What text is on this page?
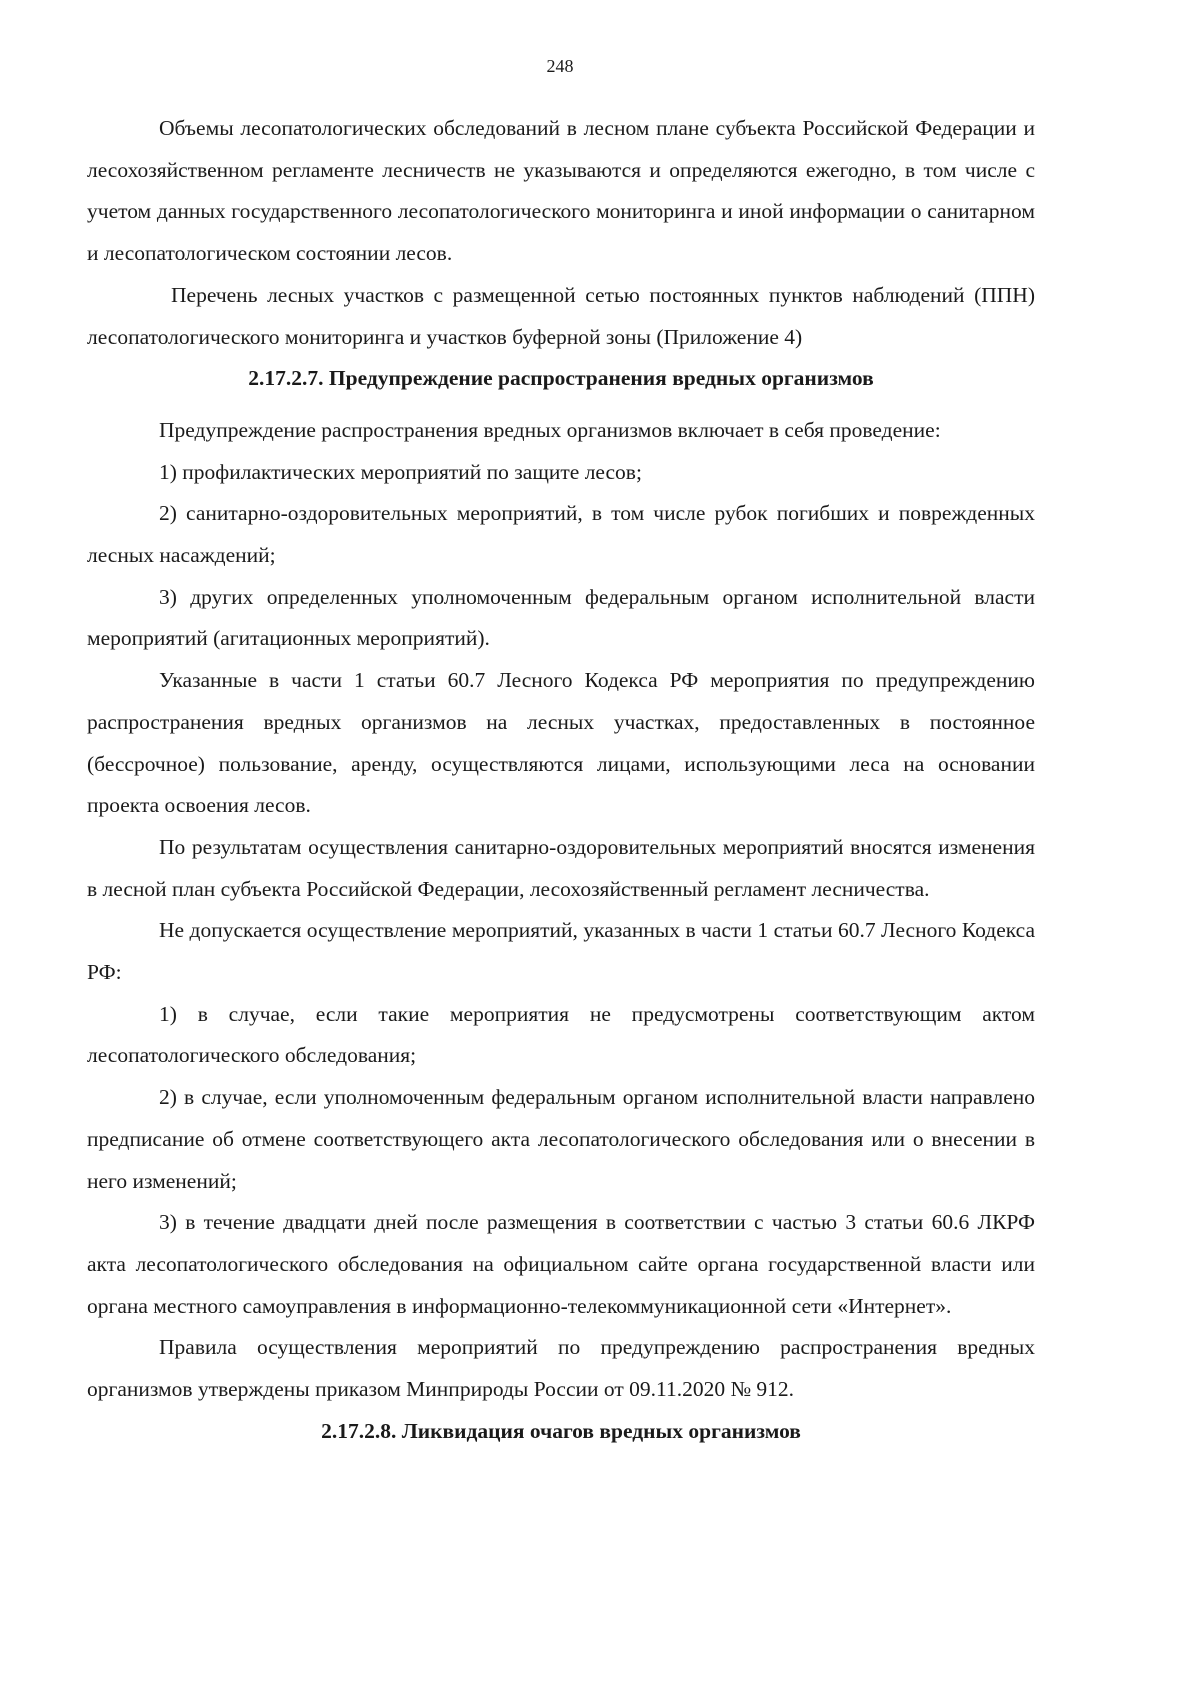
248

Объемы лесопатологических обследований в лесном плане субъекта Российской Федерации и лесохозяйственном регламенте лесничеств не указываются и определяются ежегодно, в том числе с учетом данных государственного лесопатологического мониторинга и иной информации о санитарном и лесопатологическом состоянии лесов.

Перечень лесных участков с размещенной сетью постоянных пунктов наблюдений (ППН) лесопатологического мониторинга и участков буферной зоны (Приложение 4)

2.17.2.7. Предупреждение распространения вредных организмов

Предупреждение распространения вредных организмов включает в себя проведение:

1) профилактических мероприятий по защите лесов;

2) санитарно-оздоровительных мероприятий, в том числе рубок погибших и поврежденных лесных насаждений;

3) других определенных уполномоченным федеральным органом исполнительной власти мероприятий (агитационных мероприятий).

Указанные в части 1 статьи 60.7 Лесного Кодекса РФ мероприятия по предупреждению распространения вредных организмов на лесных участках, предоставленных в постоянное (бессрочное) пользование, аренду, осуществляются лицами, использующими леса на основании проекта освоения лесов.

По результатам осуществления санитарно-оздоровительных мероприятий вносятся изменения в лесной план субъекта Российской Федерации, лесохозяйственный регламент лесничества.

Не допускается осуществление мероприятий, указанных в части 1 статьи 60.7 Лесного Кодекса РФ:

1) в случае, если такие мероприятия не предусмотрены соответствующим актом лесопатологического обследования;

2) в случае, если уполномоченным федеральным органом исполнительной власти направлено предписание об отмене соответствующего акта лесопатологического обследования или о внесении в него изменений;

3) в течение двадцати дней после размещения в соответствии с частью 3 статьи 60.6 ЛКРФ акта лесопатологического обследования на официальном сайте органа государственной власти или органа местного самоуправления в информационно-телекоммуникационной сети «Интернет».

Правила осуществления мероприятий по предупреждению распространения вредных организмов утверждены приказом Минприроды России от 09.11.2020 № 912.

2.17.2.8. Ликвидация очагов вредных организмов
